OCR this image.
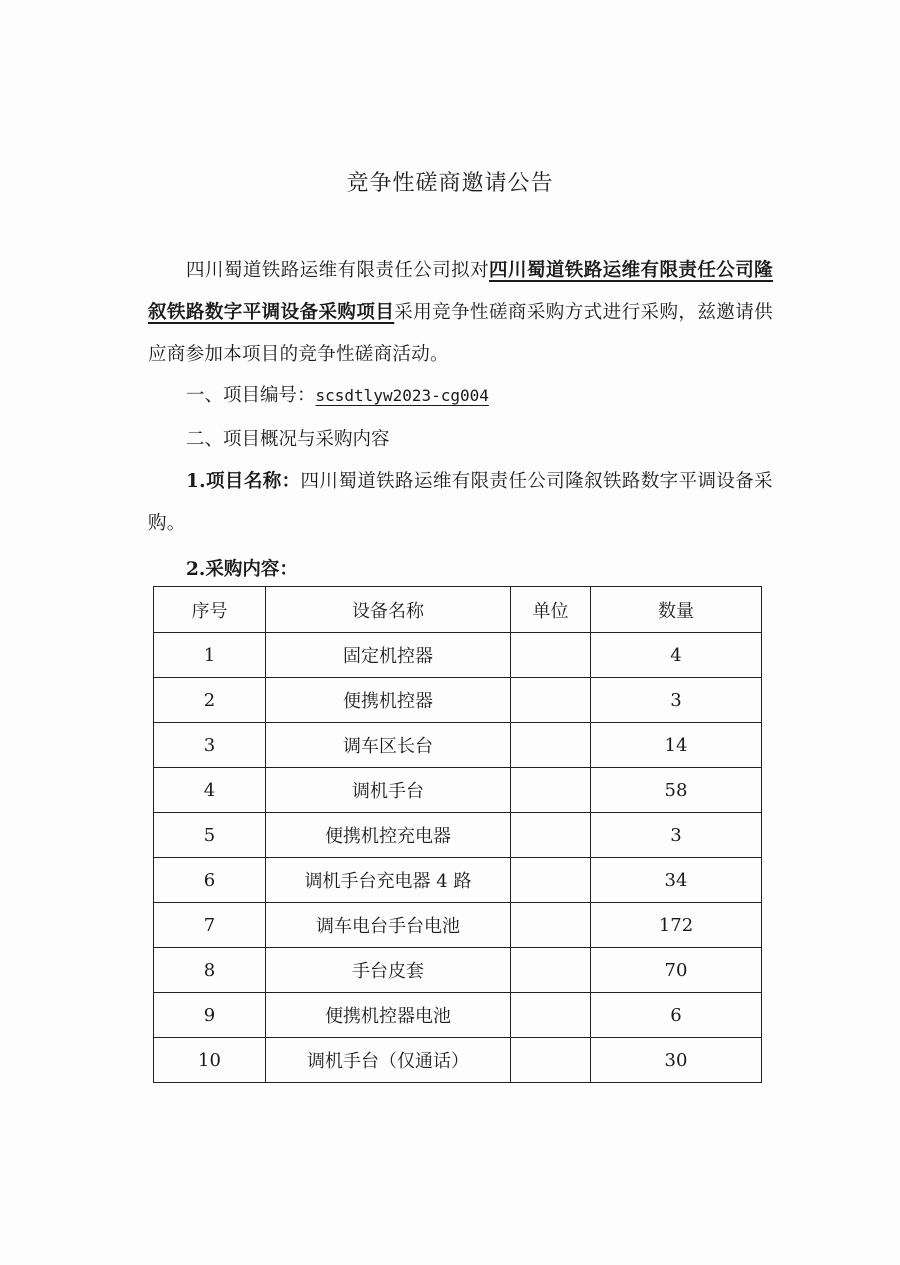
竞争性磋商邀请公告
四川蜀道铁路运维有限责任公司拟对四川蜀道铁路运维有限责任公司隆叙铁路数字平调设备采购项目采用竞争性磋商采购方式进行采购，兹邀请供应商参加本项目的竞争性磋商活动。
一、项目编号：scsdtlyw2023-cg004
二、项目概况与采购内容
1.项目名称：四川蜀道铁路运维有限责任公司隆叙铁路数字平调设备采购。
2.采购内容：
序号	设备名称	单位	数量
1	固定机控器		4
2	便携机控器		3
3	调车区长台		14
4	调机手台		58
5	便携机控充电器		3
6	调机手台充电器 4 路		34
7	调车电台手台电池		172
8	手台皮套		70
9	便携机控器电池		6
10	调机手台（仅通话）		30
